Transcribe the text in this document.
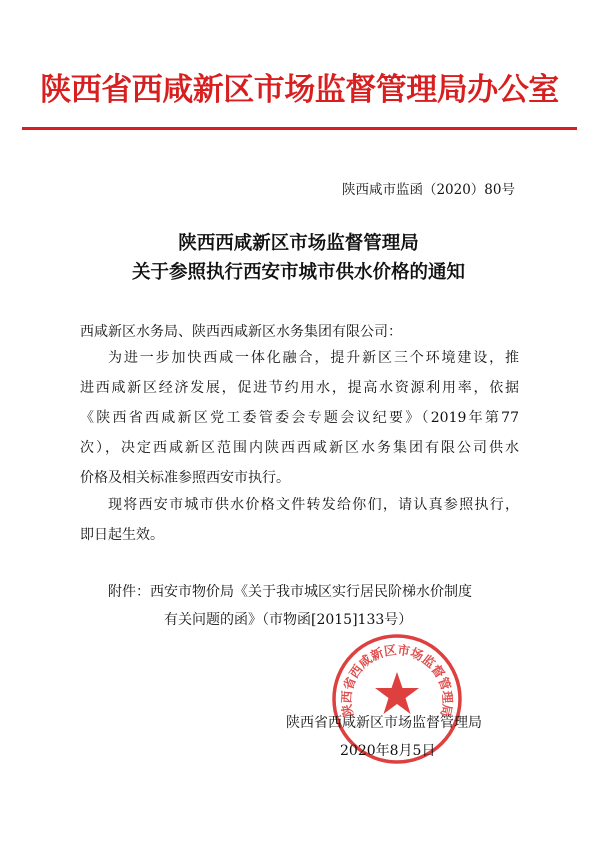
陕西省西咸新区市场监督管理局办公室
陕西咸市监函（2020）80号
陕西西咸新区市场监督管理局
关于参照执行西安市城市供水价格的通知
西咸新区水务局、陕西西咸新区水务集团有限公司：
为进一步加快西咸一体化融合，提升新区三个环境建设，推
进西咸新区经济发展，促进节约用水，提高水资源利用率，依据
《陕西省西咸新区党工委管委会专题会议纪要》（2019年第77
次），决定西咸新区范围内陕西西咸新区水务集团有限公司供水
价格及相关标准参照西安市执行。
现将西安市城市供水价格文件转发给你们，请认真参照执行，
即日起生效。
附件：西安市物价局《关于我市城区实行居民阶梯水价制度
有关问题的函》（市物函[2015]133号）
陕西省西咸新区市场监督管理局
陕西省西咸新区市场监督管理局
2020年8月5日
